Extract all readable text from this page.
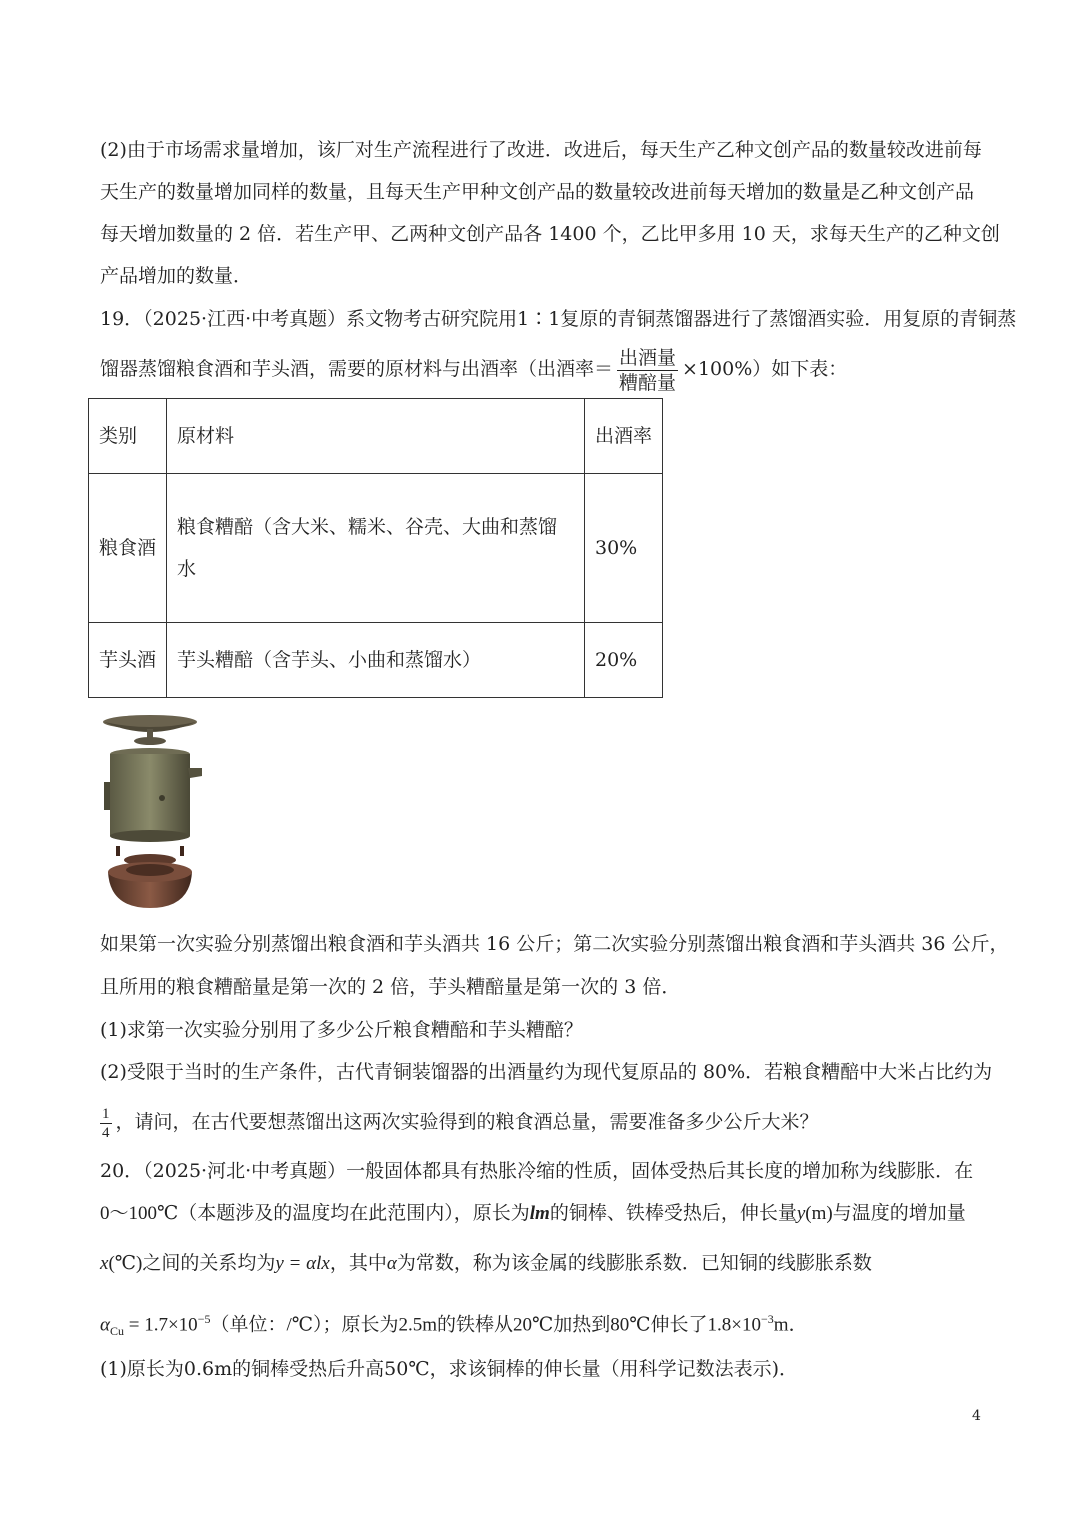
(2)由于市场需求量增加，该厂对生产流程进行了改进．改进后，每天生产乙种文创产品的数量较改进前每
天生产的数量增加同样的数量，且每天生产甲种文创产品的数量较改进前每天增加的数量是乙种文创产品
每天增加数量的 2 倍．若生产甲、乙两种文创产品各 1400 个，乙比甲多用 10 天，求每天生产的乙种文创
产品增加的数量．
19．（2025·江西·中考真题）系文物考古研究院用1∶1复原的青铜蒸馏器进行了蒸馏酒实验．用复原的青铜蒸
馏器蒸馏粮食酒和芋头酒，需要的原材料与出酒率（出酒率＝ $\frac{\text{出酒量}}{\text{糟醅量}} \times 100\%$）如下表：
类别	原材料	出酒率
粮食酒	粮食糟醅（含大米、糯米、谷壳、大曲和蒸馏水	30%
芋头酒	芋头糟醅（含芋头、小曲和蒸馏水）	20%
如果第一次实验分别蒸馏出粮食酒和芋头酒共 16 公斤；第二次实验分别蒸馏出粮食酒和芋头酒共 36 公斤，
且所用的粮食糟醅量是第一次的 2 倍，芋头糟醅量是第一次的 3 倍．
(1)求第一次实验分别用了多少公斤粮食糟醅和芋头糟醅？
(2)受限于当时的生产条件，古代青铜装馏器的出酒量约为现代复原品的 80%．若粮食糟醅中大米占比约为
$\frac{1}{4}$ ，请问，在古代要想蒸馏出这两次实验得到的粮食酒总量，需要准备多少公斤大米？
20．（2025·河北·中考真题）一般固体都具有热胀冷缩的性质，固体受热后其长度的增加称为线膨胀．在
0～100℃（本题涉及的温度均在此范围内），原长为lm的铜棒、铁棒受热后，伸长量y(m)与温度的增加量
x(℃)之间的关系均为y = αlx，其中α为常数，称为该金属的线膨胀系数．已知铜的线膨胀系数
$\alpha_{Cu} = 1.7\times 10^{-5}$（单位：/℃）；原长为2.5m的铁棒从20℃加热到80℃伸长了$1.8\times 10^{-3}m$．
(1)原长为0.6m的铜棒受热后升高50℃，求该铜棒的伸长量（用科学记数法表示)．
4
